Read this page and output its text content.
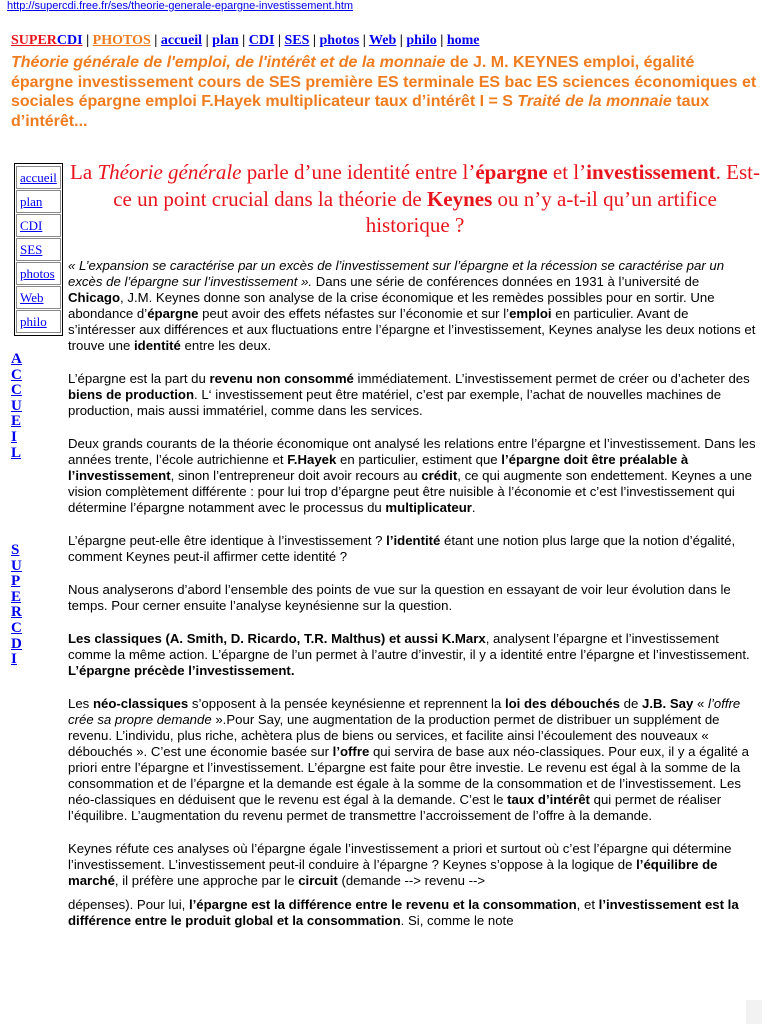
http://supercdi.free.fr/ses/theorie-generale-epargne-investissement.htm
SUPERCDI | PHOTOS | accueil | plan | CDI | SES | photos | Web | philo | home
Théorie générale de l'emploi, de l'intérêt et de la monnaie de J. M. KEYNES emploi, égalité épargne investissement cours de SES première ES terminale ES bac ES sciences économiques et sociales épargne emploi F.Hayek multiplicateur taux d’intérêt I = S Traité de la monnaie taux d’intérêt...
accueil
plan
CDI
SES
photos
Web
philo
A
C
C
U
E
I
L
S
U
P
E
R
C
D
I
La Théorie générale parle d’une identité entre l’épargne et l’investissement. Est-ce un point crucial dans la théorie de Keynes ou n’y a-t-il qu’un artifice historique ?

« L’expansion se caractérise par un excès de l’investissement sur l’épargne et la récession se caractérise par un excès de l’épargne sur l’investissement ». Dans une série de conférences données en 1931 à l’université de Chicago, J.M. Keynes donne son analyse de la crise économique et les remèdes possibles pour en sortir. Une abondance d’épargne peut avoir des effets néfastes sur l’économie et sur l’emploi en particulier. Avant de s’intéresser aux différences et aux fluctuations entre l’épargne et l’investissement, Keynes analyse les deux notions et trouve une identité entre les deux.

L’épargne est la part du revenu non consommé immédiatement. L’investissement permet de créer ou d’acheter des biens de production. L‘ investissement peut être matériel, c’est par exemple, l’achat de nouvelles machines de production, mais aussi immatériel, comme dans les services.

Deux grands courants de la théorie économique ont analysé les relations entre l’épargne et l’investissement. Dans les années trente, l’école autrichienne et F.Hayek en particulier, estiment que l’épargne doit être préalable à l’investissement, sinon l’entrepreneur doit avoir recours au crédit, ce qui augmente son endettement. Keynes a une vision complètement différente : pour lui trop d’épargne peut être nuisible à l’économie et c’est l’investissement qui détermine l’épargne notamment avec le processus du multiplicateur.

L’épargne peut-elle être identique à l’investissement ? l’identité étant une notion plus large que la notion d’égalité, comment Keynes peut-il affirmer cette identité ?

Nous analyserons d’abord l’ensemble des points de vue sur la question en essayant de voir leur évolution dans le temps. Pour cerner ensuite l’analyse keynésienne sur la question.

Les classiques (A. Smith, D. Ricardo, T.R. Malthus) et aussi K.Marx, analysent l’épargne et l’investissement comme la même action. L’épargne de l’un permet à l’autre d’investir, il y a identité entre l’épargne et l’investissement. L’épargne précède l’investissement.

Les néo-classiques s’opposent à la pensée keynésienne et reprennent la loi des débouchés de J.B. Say « l’offre crée sa propre demande ».Pour Say, une augmentation de la production permet de distribuer un supplément de revenu. L’individu, plus riche, achètera plus de biens ou services, et facilite ainsi l’écoulement des nouveaux « débouchés ». C’est une économie basée sur l’offre qui servira de base aux néo-classiques. Pour eux, il y a égalité a priori entre l’épargne et l’investissement. L’épargne est faite pour être investie. Le revenu est égal à la somme de la consommation et de l’épargne et la demande est égale à la somme de la consommation et de l’investissement. Les néo-classiques en déduisent que le revenu est égal à la demande. C’est le taux d’intérêt qui permet de réaliser l’équilibre. L’augmentation du revenu permet de transmettre l’accroissement de l’offre à la demande.

Keynes réfute ces analyses où l’épargne égale l’investissement a priori et surtout où c’est l’épargne qui détermine l’investissement. L’investissement peut-il conduire à l’épargne ? Keynes s’oppose à la logique de l’équilibre de marché, il préfère une approche par le circuit (demande --> revenu -->

dépenses). Pour lui, l’épargne est la différence entre le revenu et la consommation, et l’investissement est la différence entre le produit global et la consommation. Si, comme le note
